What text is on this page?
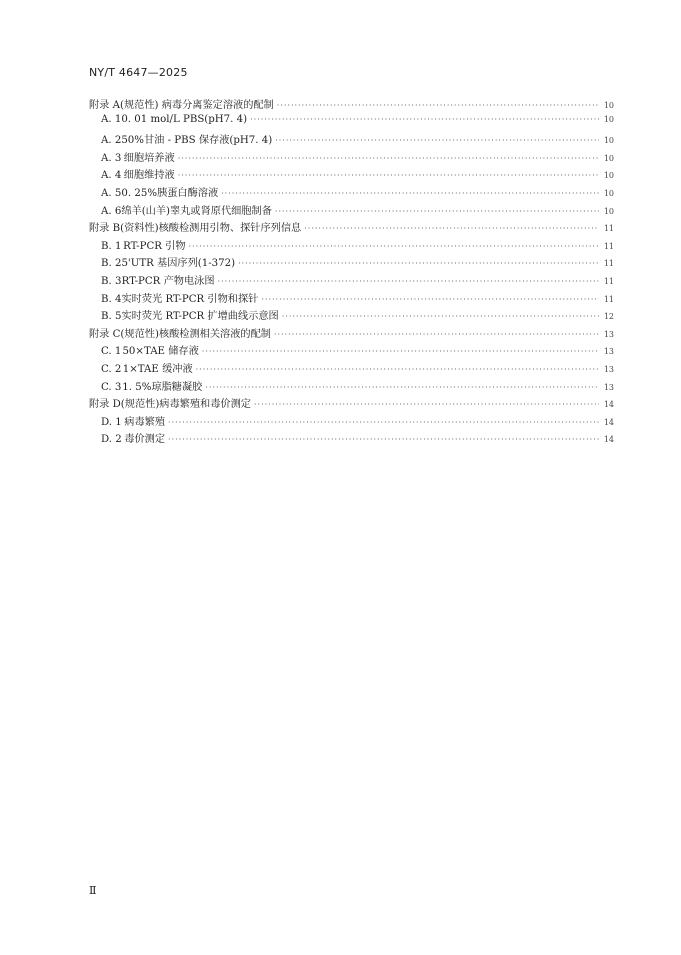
NY/T 4647—2025
附录 A(规范性) 病毒分离鉴定溶液的配制 ·····	10
A. 1 0. 01 mol/L PBS(pH7. 4) ·····	10
A. 2 50%甘油 - PBS 保存液(pH7. 4) ·····	10
A. 3 细胞培养液 ·····	10
A. 4 细胞维持液 ·····	10
A. 5 0. 25%胰蛋白酶溶液 ·····	10
A. 6 绵羊(山羊)睾丸或肾原代细胞制备 ·····	10
附录 B(资料性)核酸检测用引物、探针序列信息 ·····	11
B. 1 RT-PCR 引物 ·····	11
B. 2 5'UTR 基因序列(1-372) ·····	11
B. 3 RT-PCR 产物电泳图 ·····	11
B. 4 实时荧光 RT-PCR 引物和探针 ·····	11
B. 5 实时荧光 RT-PCR 扩增曲线示意图 ·····	12
附录 C(规范性)核酸检测相关溶液的配制 ·····	13
C. 1 50×TAE 储存液 ·····	13
C. 2 1×TAE 缓冲液 ·····	13
C. 3 1. 5%琼脂糖凝胶 ·····	13
附录 D(规范性)病毒繁殖和毒价测定 ·····	14
D. 1 病毒繁殖 ·····	14
D. 2 毒价测定 ·····	14
Ⅱ
